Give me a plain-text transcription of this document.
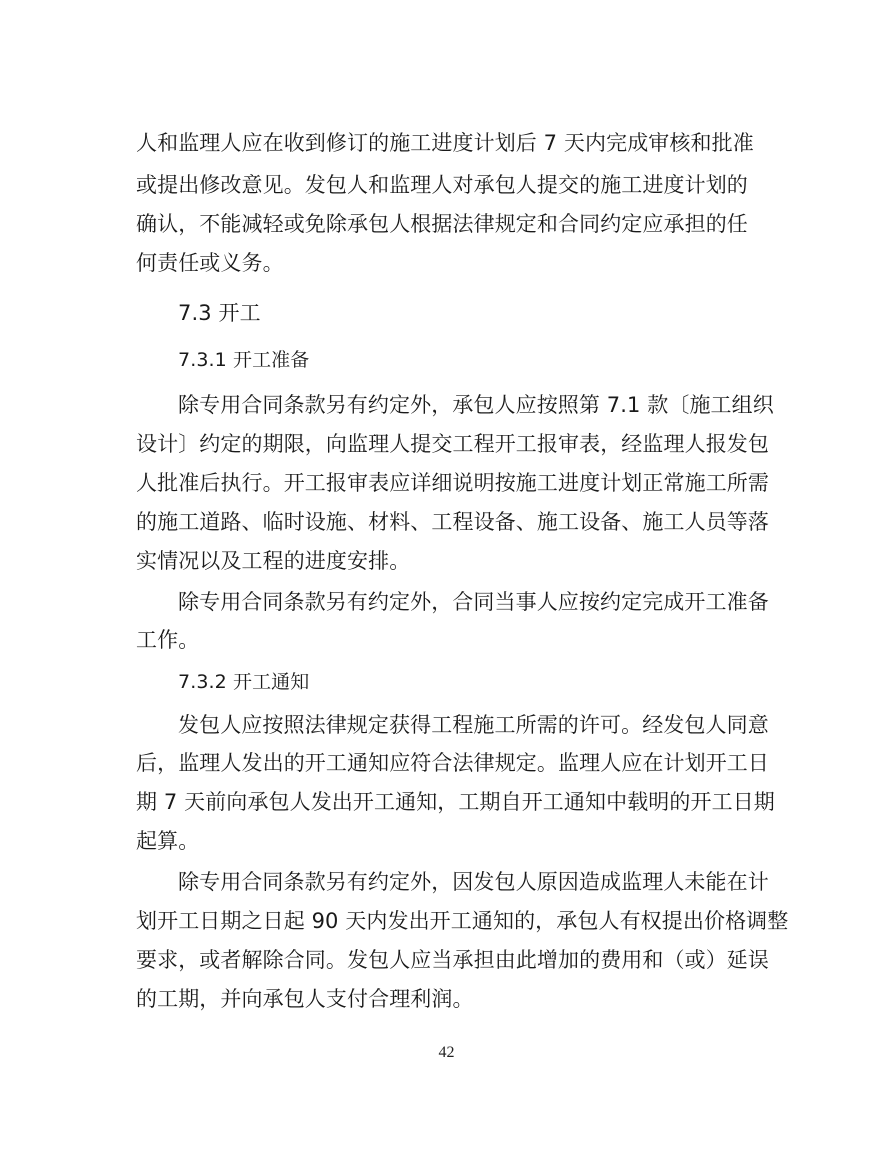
人和监理人应在收到修订的施工进度计划后 7 天内完成审核和批准

或提出修改意见。发包人和监理人对承包人提交的施工进度计划的

确认，不能减轻或免除承包人根据法律规定和合同约定应承担的任

何责任或义务。

7.3 开工

7.3.1 开工准备

除专用合同条款另有约定外，承包人应按照第 7.1 款〔施工组织

设计〕约定的期限，向监理人提交工程开工报审表，经监理人报发包

人批准后执行。开工报审表应详细说明按施工进度计划正常施工所需

的施工道路、临时设施、材料、工程设备、施工设备、施工人员等落

实情况以及工程的进度安排。

除专用合同条款另有约定外，合同当事人应按约定完成开工准备

工作。

7.3.2 开工通知

发包人应按照法律规定获得工程施工所需的许可。经发包人同意

后，监理人发出的开工通知应符合法律规定。监理人应在计划开工日

期 7 天前向承包人发出开工通知，工期自开工通知中载明的开工日期

起算。

除专用合同条款另有约定外，因发包人原因造成监理人未能在计

划开工日期之日起 90 天内发出开工通知的，承包人有权提出价格调整

要求，或者解除合同。发包人应当承担由此增加的费用和（或）延误

的工期，并向承包人支付合理利润。

42
